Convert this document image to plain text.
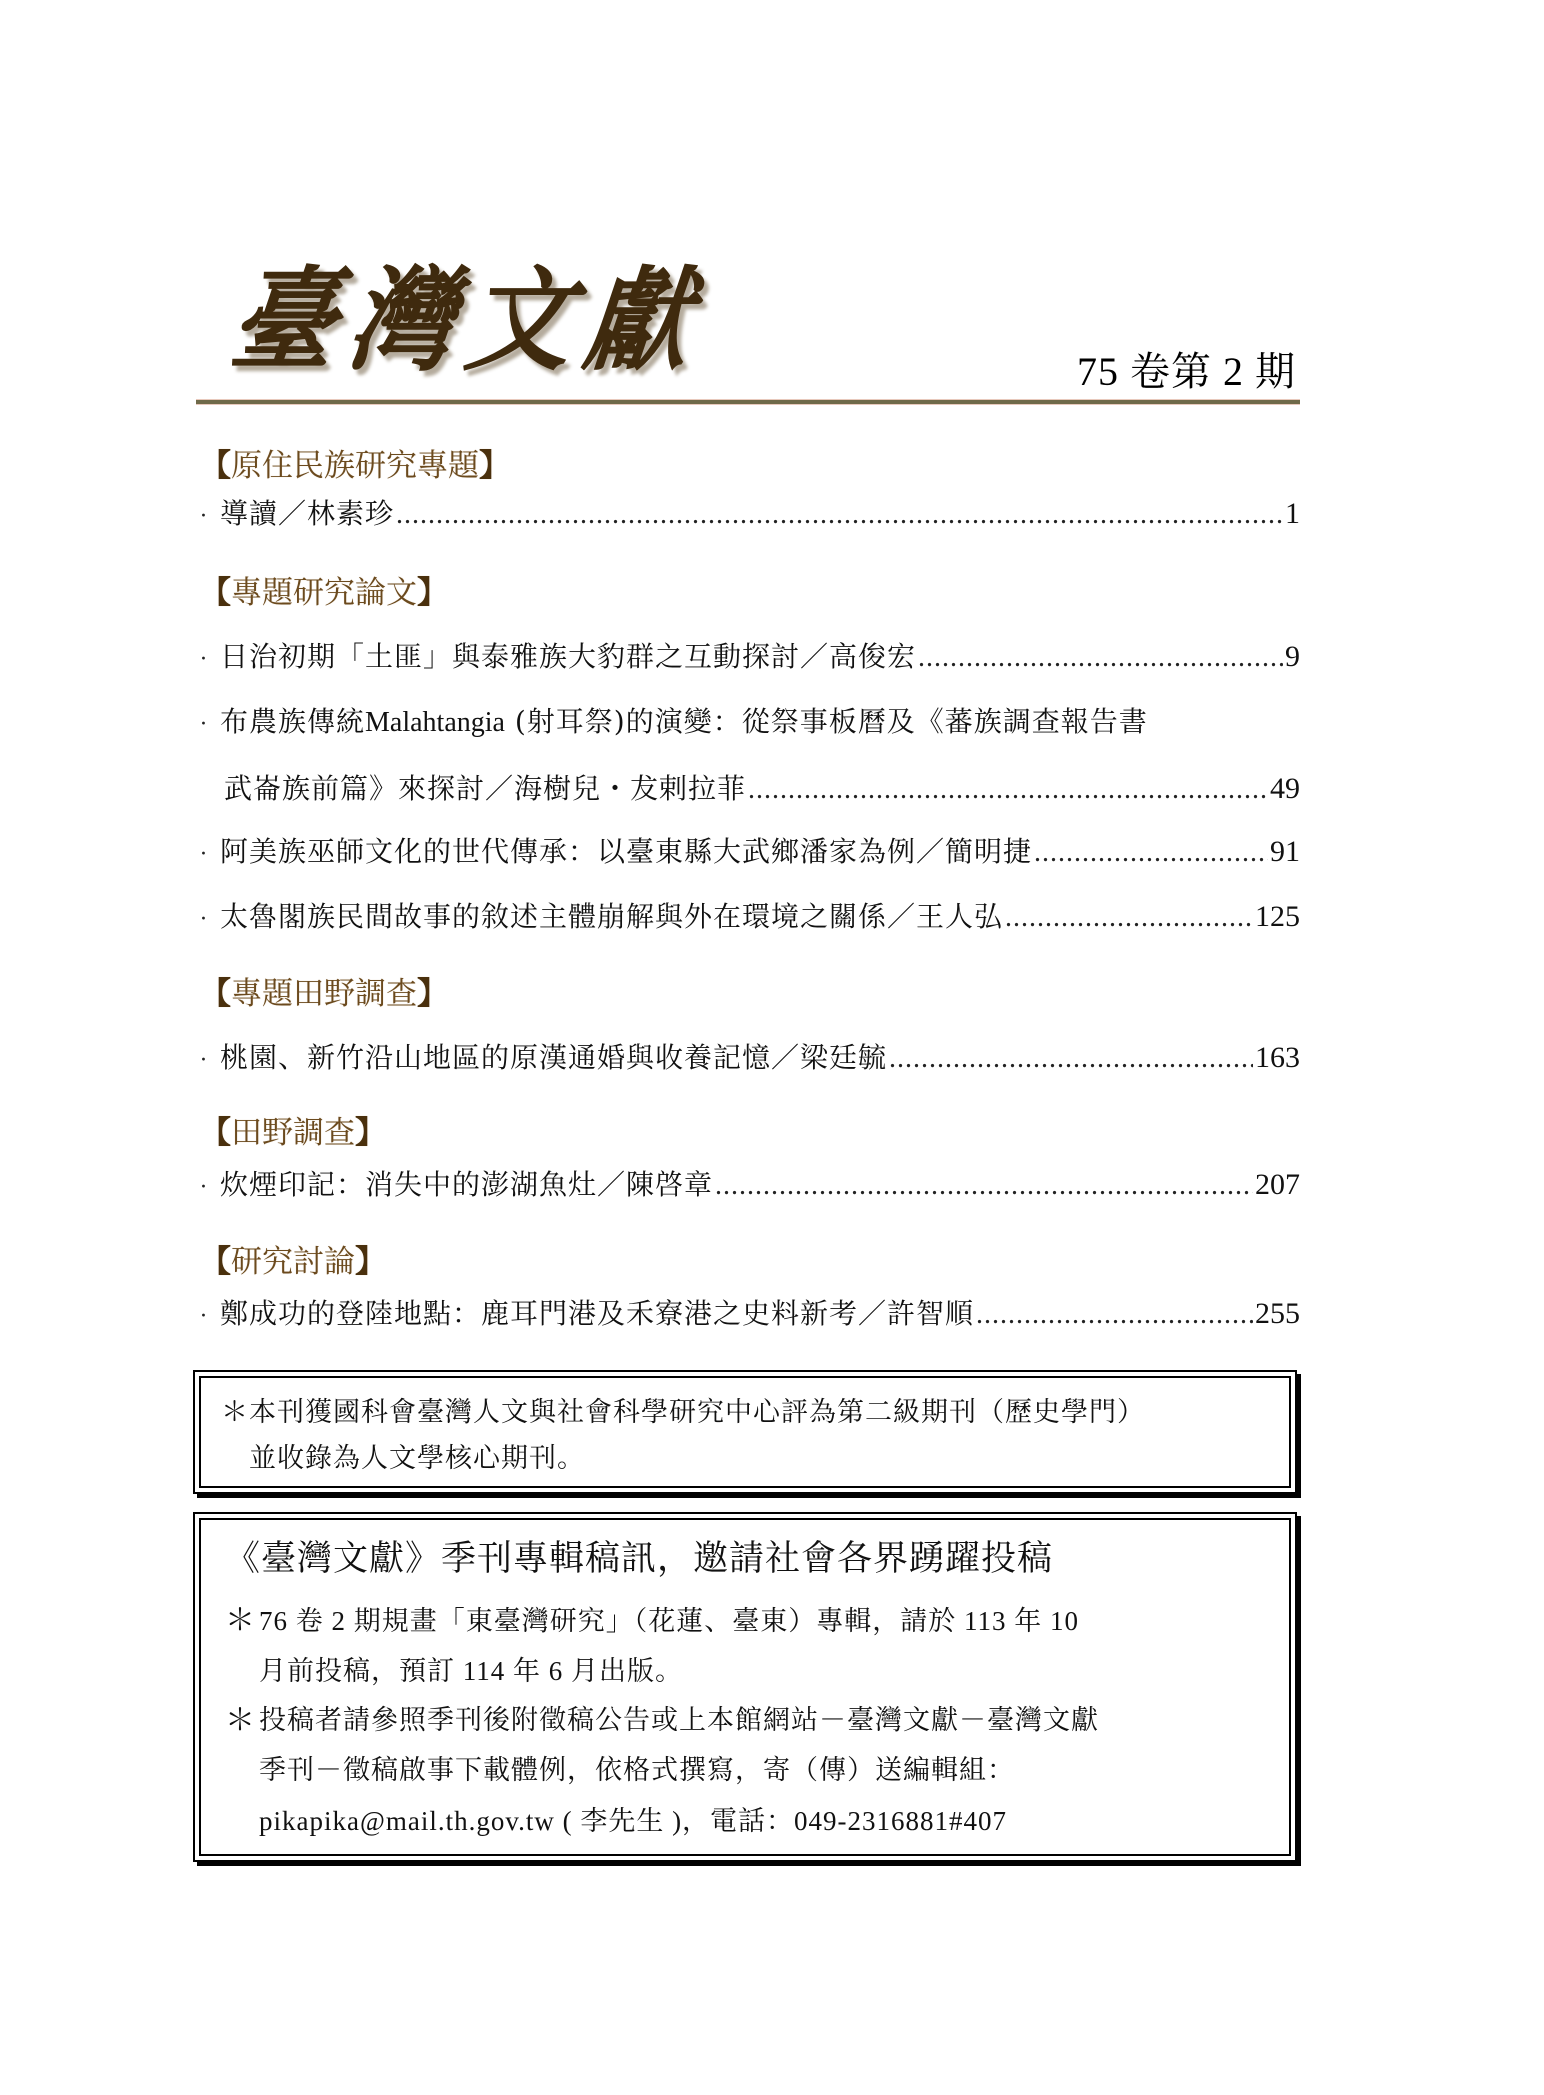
臺灣文獻	75 卷第 2 期
【原住民族研究專題】
· 導讀／林素珍 .....	1
【專題研究論文】
· 日治初期「土匪」與泰雅族大豹群之互動探討／高俊宏 .....	9
· 布農族傳統Malahtangia (射耳祭)的演變：從祭事板曆及《蕃族調查報告書
武崙族前篇》來探討／海樹兒・犮剌拉菲 .....	49
· 阿美族巫師文化的世代傳承：以臺東縣大武鄉潘家為例／簡明捷 .....	91
· 太魯閣族民間故事的敘述主體崩解與外在環境之關係／王人弘 .....	125
【專題田野調查】
· 桃園、新竹沿山地區的原漢通婚與收養記憶／梁廷毓 .....	163
【田野調查】
· 炊煙印記：消失中的澎湖魚灶／陳啓章 .....	207
【研究討論】
· 鄭成功的登陸地點：鹿耳門港及禾寮港之史料新考／許智順 .....	255
＊本刊獲國科會臺灣人文與社會科學研究中心評為第二級期刊（歷史學門）
並收錄為人文學核心期刊。
《臺灣文獻》季刊專輯稿訊，邀請社會各界踴躍投稿
＊ 76 卷 2 期規畫「東臺灣研究」（花蓮、臺東）專輯，請於 113 年 10
月前投稿，預訂 114 年 6 月出版。
＊ 投稿者請參照季刊後附徵稿公告或上本館網站－臺灣文獻－臺灣文獻
季刊－徵稿啟事下載體例，依格式撰寫，寄（傳）送編輯組：
pikapika@mail.th.gov.tw ( 李先生 )，電話：049-2316881#407
